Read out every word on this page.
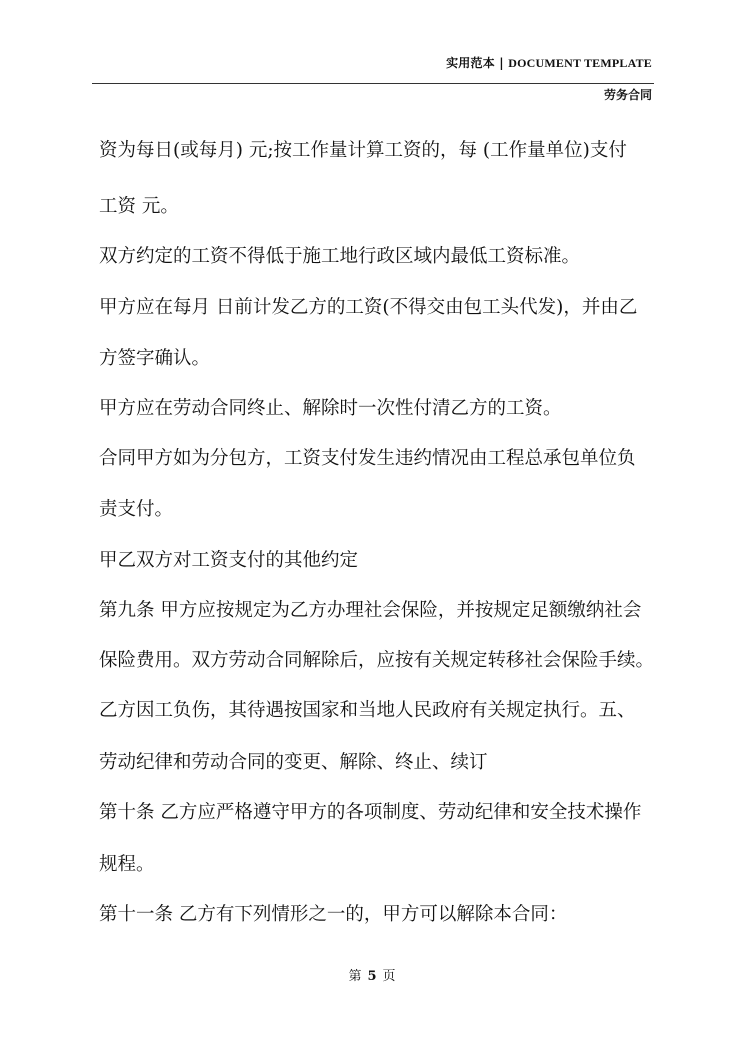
实用范本 | DOCUMENT TEMPLATE
劳务合同

资为每日(或每月) 元;按工作量计算工资的，每 (工作量单位)支付

工资 元。

双方约定的工资不得低于施工地行政区域内最低工资标准。

甲方应在每月 日前计发乙方的工资(不得交由包工头代发)，并由乙

方签字确认。

甲方应在劳动合同终止、解除时一次性付清乙方的工资。

合同甲方如为分包方，工资支付发生违约情况由工程总承包单位负

责支付。

甲乙双方对工资支付的其他约定

第九条 甲方应按规定为乙方办理社会保险，并按规定足额缴纳社会

保险费用。双方劳动合同解除后，应按有关规定转移社会保险手续。

乙方因工负伤，其待遇按国家和当地人民政府有关规定执行。五、

劳动纪律和劳动合同的变更、解除、终止、续订

第十条 乙方应严格遵守甲方的各项制度、劳动纪律和安全技术操作

规程。

第十一条 乙方有下列情形之一的，甲方可以解除本合同：

第 5 页
